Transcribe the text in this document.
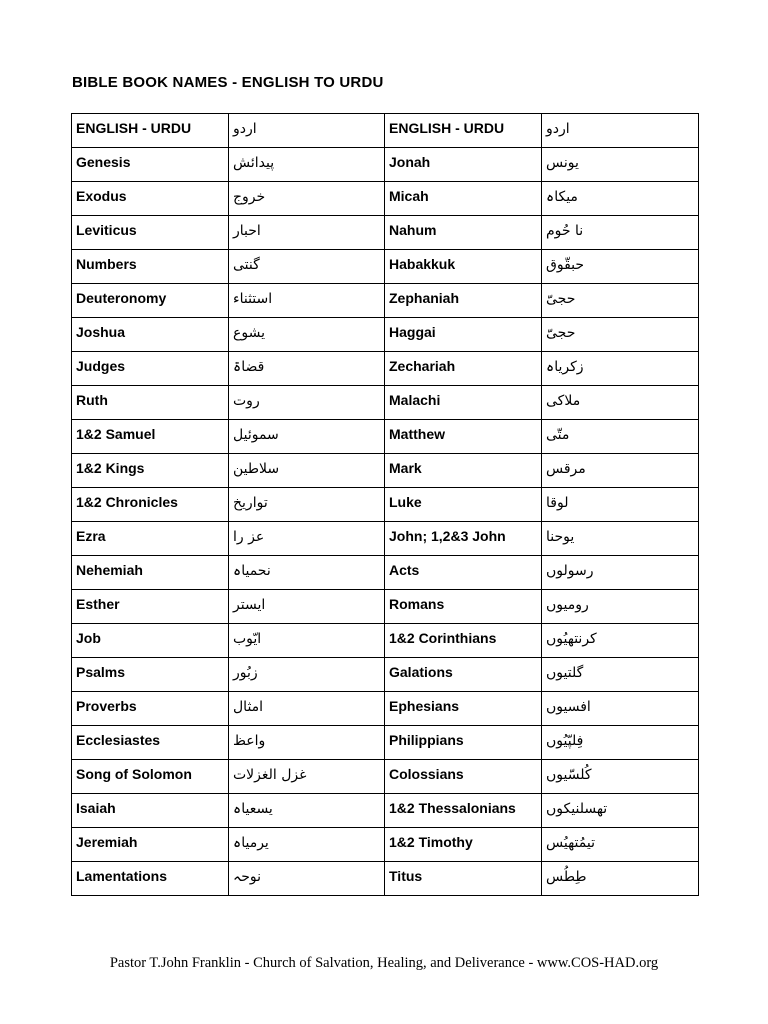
BIBLE BOOK NAMES - ENGLISH TO URDU
ENGLISH - URDU	اردو	ENGLISH - URDU	اردو
Genesis	پیدائش	Jonah	یونس
Exodus	خروج	Micah	میکاہ
Leviticus	احبار	Nahum	نا حُوم
Numbers	گنتی	Habakkuk	حبقّوق
Deuteronomy	استثناء	Zephaniah	حجیّ
Joshua	یشوع	Haggai	حجیّ
Judges	قضاۃ	Zechariah	زکریاہ
Ruth	روت	Malachi	ملاکی
1&2 Samuel	سموئیل	Matthew	متّی
1&2 Kings	سلاطین	Mark	مرقس
1&2 Chronicles	تواریخ	Luke	لوقا
Ezra	عز را	John; 1,2&3 John	یوحنا
Nehemiah	نحمیاہ	Acts	رسولوں
Esther	ایستر	Romans	رومیوں
Job	ایّوب	1&2 Corinthians	کرنتھیُوں
Psalms	زبُور	Galations	گلتیوں
Proverbs	امثال	Ephesians	افسیوں
Ecclesiastes	واعظ	Philippians	فِلپّیُوں
Song of Solomon	غزل الغزلات	Colossians	کُلسّیوں
Isaiah	یسعیاہ	1&2 Thessalonians	تھسلنیکوں
Jeremiah	یرمیاہ	1&2 Timothy	تیمُتھیُس
Lamentations	نوحہ	Titus	طِطُس
Pastor T.John Franklin - Church of Salvation, Healing, and Deliverance - www.COS-HAD.org
